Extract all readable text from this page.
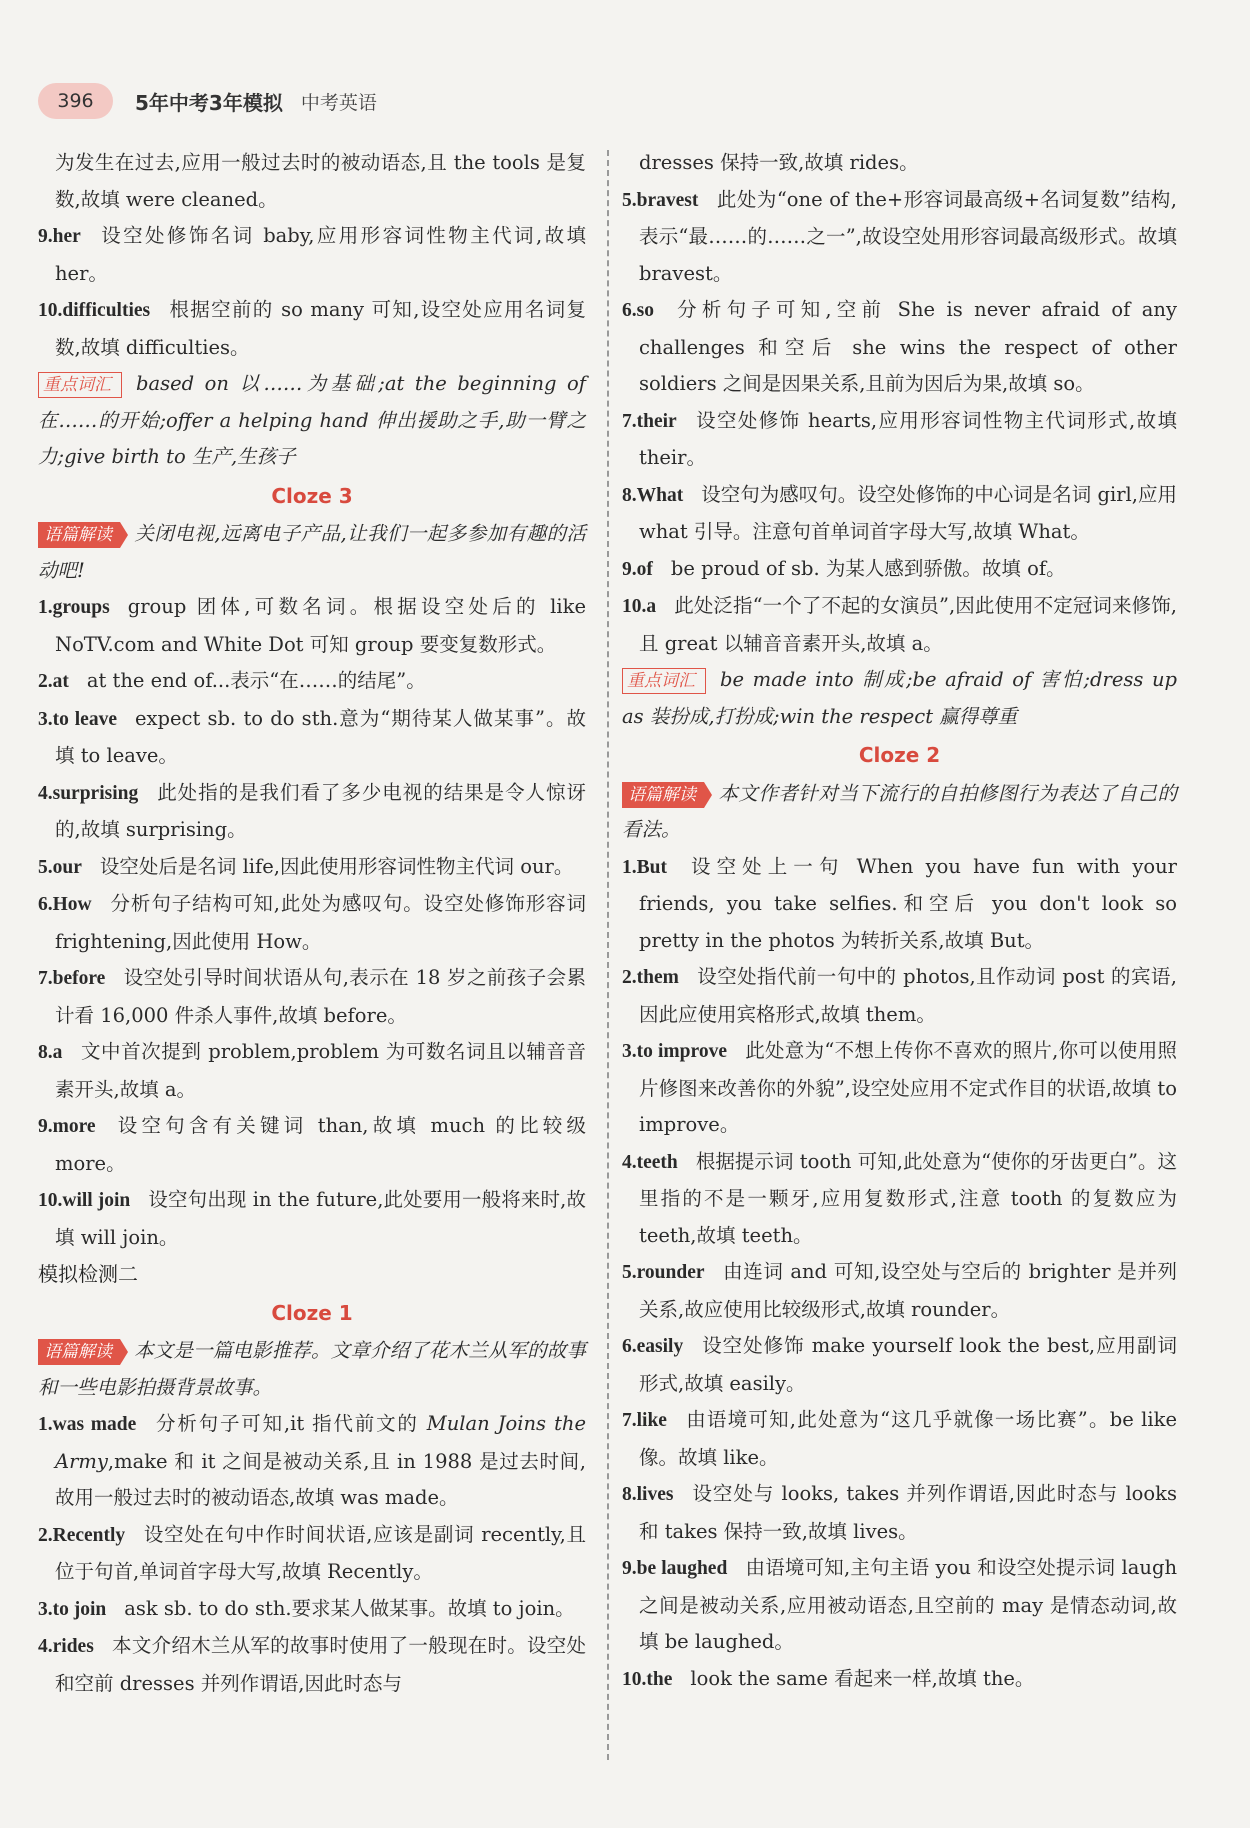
396	5年中考3年模拟 中考英语

为发生在过去,应用一般过去时的被动语态,且 the tools 是复数,故填 were cleaned。

9.her 设空处修饰名词 baby,应用形容词性物主代词,故填 her。

10.difficulties 根据空前的 so many 可知,设空处应用名词复数,故填 difficulties。

重点词汇 based on 以……为基础;at the beginning of 在……的开始;offer a helping hand 伸出援助之手,助一臂之力;give birth to 生产,生孩子

Cloze 3

语篇解读 关闭电视,远离电子产品,让我们一起多参加有趣的活动吧!

1.groups group 团体,可数名词。根据设空处后的 like NoTV.com and White Dot 可知 group 要变复数形式。

2.at at the end of...表示“在……的结尾”。

3.to leave expect sb. to do sth.意为“期待某人做某事”。故填 to leave。

4.surprising 此处指的是我们看了多少电视的结果是令人惊讶的,故填 surprising。

5.our 设空处后是名词 life,因此使用形容词性物主代词 our。

6.How 分析句子结构可知,此处为感叹句。设空处修饰形容词 frightening,因此使用 How。

7.before 设空处引导时间状语从句,表示在 18 岁之前孩子会累计看 16,000 件杀人事件,故填 before。

8.a 文中首次提到 problem,problem 为可数名词且以辅音音素开头,故填 a。

9.more 设空句含有关键词 than,故填 much 的比较级 more。

10.will join 设空句出现 in the future,此处要用一般将来时,故填 will join。

模拟检测二

Cloze 1

语篇解读 本文是一篇电影推荐。文章介绍了花木兰从军的故事和一些电影拍摄背景故事。

1.was made 分析句子可知,it 指代前文的 Mulan Joins the Army,make 和 it 之间是被动关系,且 in 1988 是过去时间,故用一般过去时的被动语态,故填 was made。

2.Recently 设空处在句中作时间状语,应该是副词 recently,且位于句首,单词首字母大写,故填 Recently。

3.to join ask sb. to do sth.要求某人做某事。故填 to join。

4.rides 本文介绍木兰从军的故事时使用了一般现在时。设空处和空前 dresses 并列作谓语,因此时态与

dresses 保持一致,故填 rides。

5.bravest 此处为“one of the+形容词最高级+名词复数”结构,表示“最……的……之一”,故设空处用形容词最高级形式。故填 bravest。

6.so 分析句子可知,空前 She is never afraid of any challenges 和空后 she wins the respect of other soldiers 之间是因果关系,且前为因后为果,故填 so。

7.their 设空处修饰 hearts,应用形容词性物主代词形式,故填 their。

8.What 设空句为感叹句。设空处修饰的中心词是名词 girl,应用 what 引导。注意句首单词首字母大写,故填 What。

9.of be proud of sb. 为某人感到骄傲。故填 of。

10.a 此处泛指“一个了不起的女演员”,因此使用不定冠词来修饰,且 great 以辅音音素开头,故填 a。

重点词汇 be made into 制成;be afraid of 害怕;dress up as 装扮成,打扮成;win the respect 赢得尊重

Cloze 2

语篇解读 本文作者针对当下流行的自拍修图行为表达了自己的看法。

1.But 设空处上一句 When you have fun with your friends, you take selfies.和空后 you don't look so pretty in the photos 为转折关系,故填 But。

2.them 设空处指代前一句中的 photos,且作动词 post 的宾语,因此应使用宾格形式,故填 them。

3.to improve 此处意为“不想上传你不喜欢的照片,你可以使用照片修图来改善你的外貌”,设空处应用不定式作目的状语,故填 to improve。

4.teeth 根据提示词 tooth 可知,此处意为“使你的牙齿更白”。这里指的不是一颗牙,应用复数形式,注意 tooth 的复数应为 teeth,故填 teeth。

5.rounder 由连词 and 可知,设空处与空后的 brighter 是并列关系,故应使用比较级形式,故填 rounder。

6.easily 设空处修饰 make yourself look the best,应用副词形式,故填 easily。

7.like 由语境可知,此处意为“这几乎就像一场比赛”。be like 像。故填 like。

8.lives 设空处与 looks, takes 并列作谓语,因此时态与 looks 和 takes 保持一致,故填 lives。

9.be laughed 由语境可知,主句主语 you 和设空处提示词 laugh 之间是被动关系,应用被动语态,且空前的 may 是情态动词,故填 be laughed。

10.the look the same 看起来一样,故填 the。
